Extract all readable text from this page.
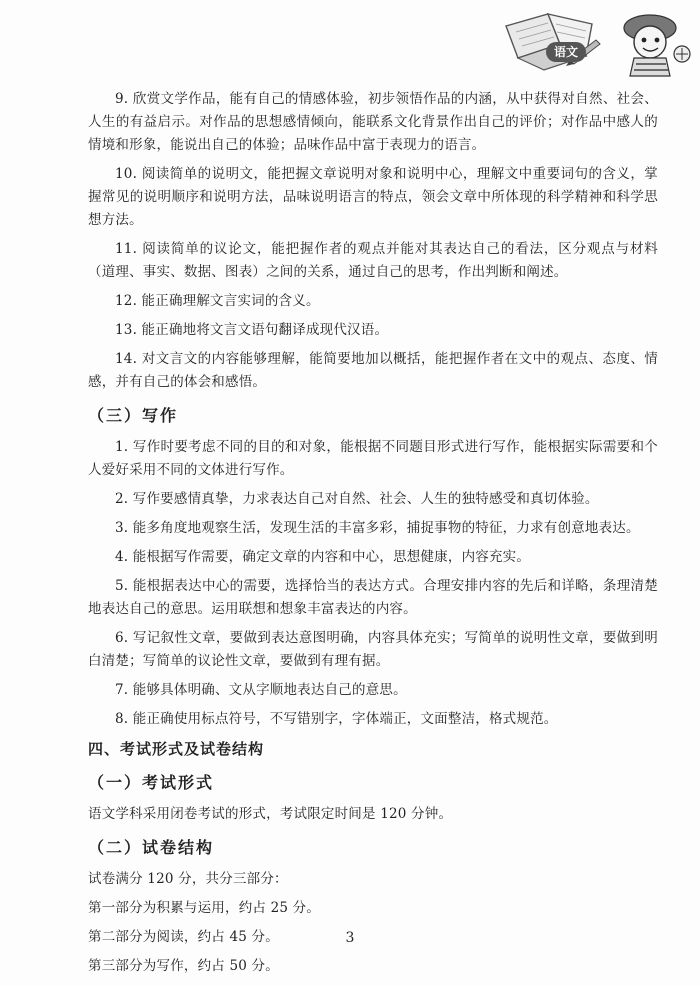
语文

9. 欣赏文学作品，能有自己的情感体验，初步领悟作品的内涵，从中获得对自然、社会、人生的有益启示。对作品的思想感情倾向，能联系文化背景作出自己的评价；对作品中感人的情境和形象，能说出自己的体验；品味作品中富于表现力的语言。

10. 阅读简单的说明文，能把握文章说明对象和说明中心，理解文中重要词句的含义，掌握常见的说明顺序和说明方法，品味说明语言的特点，领会文章中所体现的科学精神和科学思想方法。

11. 阅读简单的议论文，能把握作者的观点并能对其表达自己的看法，区分观点与材料（道理、事实、数据、图表）之间的关系，通过自己的思考，作出判断和阐述。

12. 能正确理解文言实词的含义。

13. 能正确地将文言文语句翻译成现代汉语。

14. 对文言文的内容能够理解，能简要地加以概括，能把握作者在文中的观点、态度、情感，并有自己的体会和感悟。

（三）写作

1. 写作时要考虑不同的目的和对象，能根据不同题目形式进行写作，能根据实际需要和个人爱好采用不同的文体进行写作。

2. 写作要感情真挚，力求表达自己对自然、社会、人生的独特感受和真切体验。

3. 能多角度地观察生活，发现生活的丰富多彩，捕捉事物的特征，力求有创意地表达。

4. 能根据写作需要，确定文章的内容和中心，思想健康，内容充实。

5. 能根据表达中心的需要，选择恰当的表达方式。合理安排内容的先后和详略，条理清楚地表达自己的意思。运用联想和想象丰富表达的内容。

6. 写记叙性文章，要做到表达意图明确，内容具体充实；写简单的说明性文章，要做到明白清楚；写简单的议论性文章，要做到有理有据。

7. 能够具体明确、文从字顺地表达自己的意思。

8. 能正确使用标点符号，不写错别字，字体端正，文面整洁，格式规范。

四、考试形式及试卷结构
（一）考试形式

语文学科采用闭卷考试的形式，考试限定时间是 120 分钟。

（二）试卷结构

试卷满分 120 分，共分三部分：

第一部分为积累与运用，约占 25 分。

第二部分为阅读，约占 45 分。

第三部分为写作，约占 50 分。

3
